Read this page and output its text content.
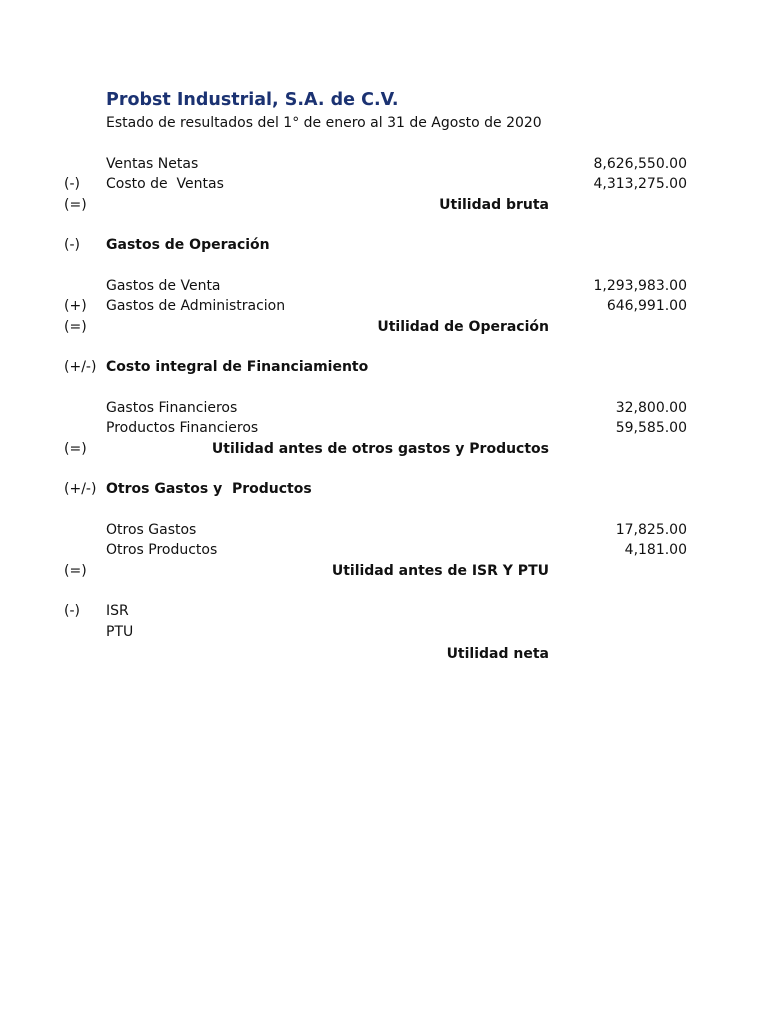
Probst Industrial, S.A. de C.V.
Estado de resultados del 1° de enero al 31 de Agosto de 2020
Ventas Netas	8,626,550.00
(-) Costo de  Ventas	4,313,275.00
(=)	Utilidad bruta
(-) Gastos de Operación
Gastos de Venta	1,293,983.00
(+) Gastos de Administracion	646,991.00
(=)	Utilidad de Operación
(+/-) Costo integral de Financiamiento
Gastos Financieros	32,800.00
Productos Financieros	59,585.00
(=)	Utilidad antes de otros gastos y Productos
(+/-) Otros Gastos y  Productos
Otros Gastos	17,825.00
Otros Productos	4,181.00
(=)	Utilidad antes de ISR Y PTU
(-) ISR
PTU
Utilidad neta
